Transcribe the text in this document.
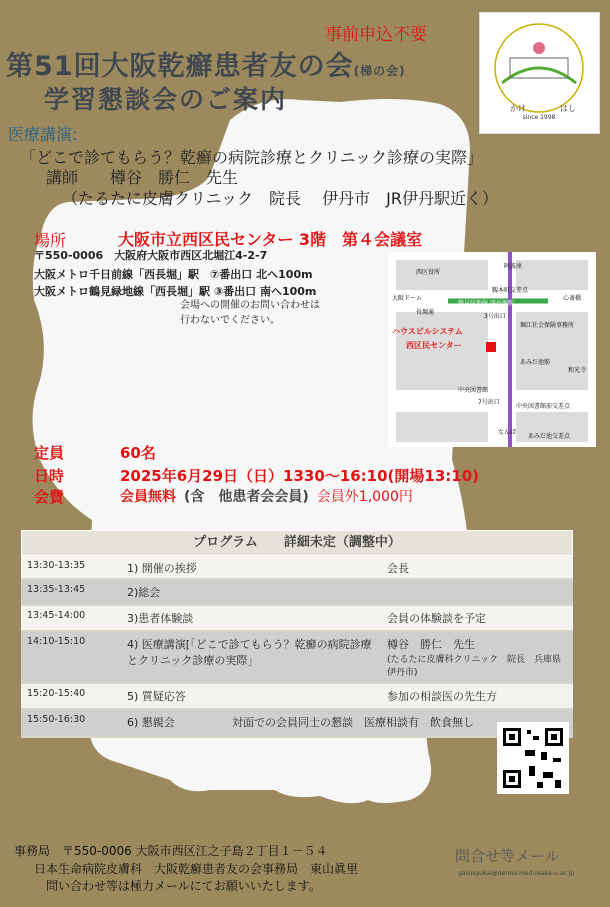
事前申込不要
第51回大阪乾癬患者友の会(梯の会)
学習懇談会のご案内
since 1998
かけ	はし
医療講演:
「どこで診てもらう？乾癬の病院診療とクリニック診療の実際」
講師　　樽谷　勝仁　先生
（たるたに皮膚クリニック　院長　 伊丹市　JR伊丹駅近く）
場所	大阪市立西区民センター 3階　第４会議室
〒550-0006　大阪府大阪市西区北堀江4-2-7
大阪メトロ千日前線「西長堀」駅　⑦番出口 北へ100m
大阪メトロ鶴見緑地線「西長堀」駅 ③番出口 南へ100m
会場への開催のお問い合わせは行わないでください。
西区役所
阿波座
大阪ドーム
靱本町交差点
心斎橋
長堀通
鶴見緑地線 西長堀駅
3号出口
堀江社会保険事務所
ハウスビルシステム
西区民センター
あみだ池筋
和光寺
中央図書館
7号出口
中央図書館前交差点
あみだ池交差点
なんば
定員	60名
日時	2025年6月29日（日）1330～16:10(開場13:10)
会費	会員無料 (含　他患者会会員) 会員外1,000円
プログラム　　詳細未定（調整中）
13:30-13:35	1) 開催の挨拶	会長
13:35-13:45	2)総会
13:45-14:00	3)患者体験談	会員の体験談を予定
14:10-15:10	4) 医療講演[「どこで診てもらう？乾癬の病院診療とクリニック診療の実際」
樽谷　勝仁　先生
(たるたに皮膚科クリニック　院長　兵庫県伊丹市)
15:20-15:40	5) 質疑応答	参加の相談医の先生方
15:50-16:30	6) 懇親会	対面での会員同士の懇談　医療相談有　飲食無し
問合せ等メール
gakusyukai@derma.med.osaka-u.ac.jp
事務局　〒550-0006 大阪市西区江之子島２丁目１－５４
日本生命病院皮膚科　大阪乾癬患者友の会事務局　東山眞里
問い合わせ等は極力メールにてお願いいたします。
